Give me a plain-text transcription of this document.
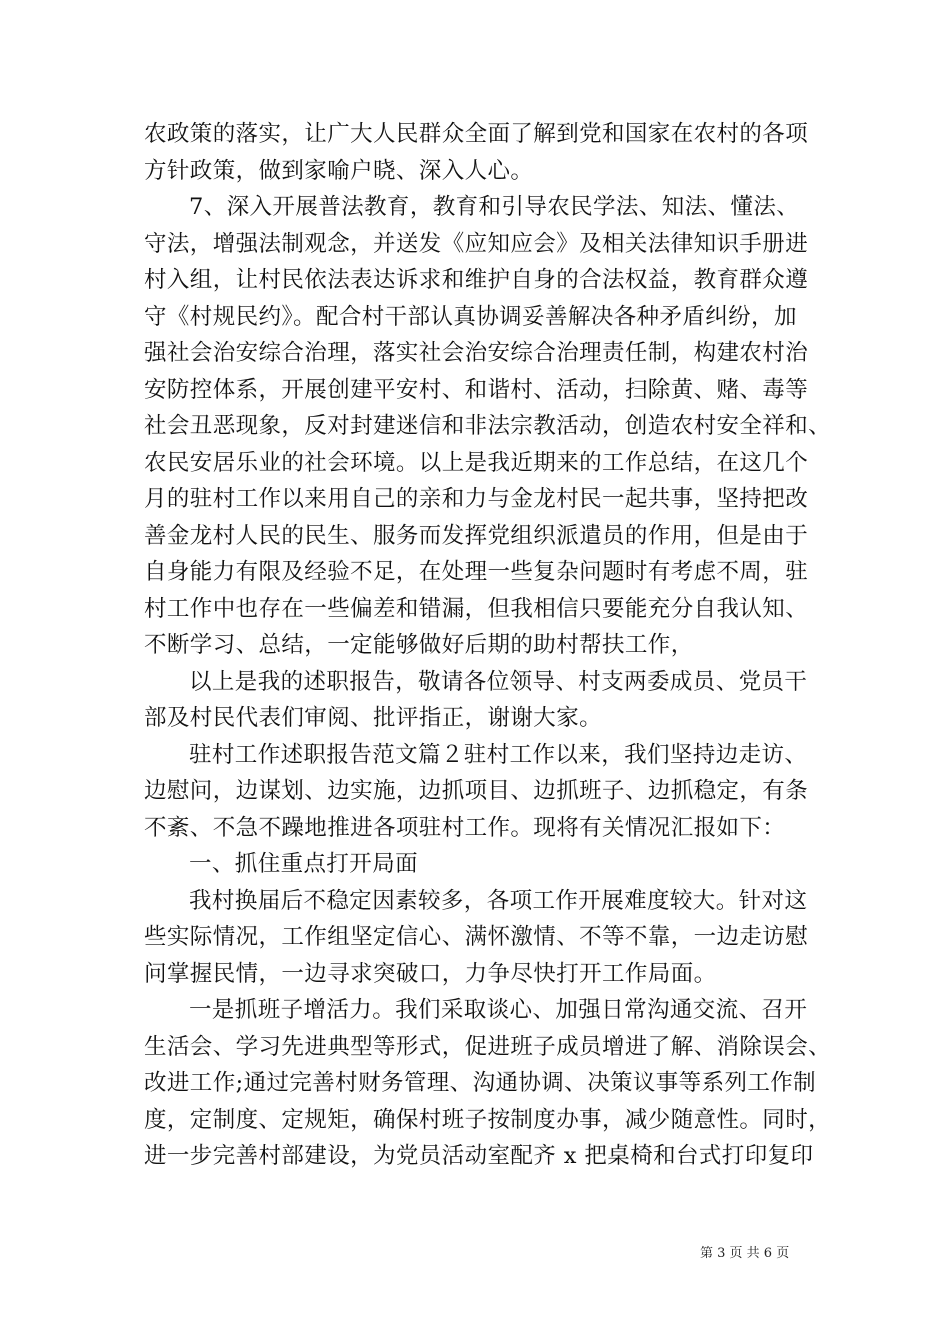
农政策的落实，让广大人民群众全面了解到党和国家在农村的各项
方针政策，做到家喻户晓、深入人心。
7、深入开展普法教育，教育和引导农民学法、知法、懂法、
守法，增强法制观念，并送发《应知应会》及相关法律知识手册进
村入组，让村民依法表达诉求和维护自身的合法权益，教育群众遵
守《村规民约》。配合村干部认真协调妥善解决各种矛盾纠纷，加
强社会治安综合治理，落实社会治安综合治理责任制，构建农村治
安防控体系，开展创建平安村、和谐村、活动，扫除黄、赌、毒等
社会丑恶现象，反对封建迷信和非法宗教活动，创造农村安全祥和、
农民安居乐业的社会环境。以上是我近期来的工作总结，在这几个
月的驻村工作以来用自己的亲和力与金龙村民一起共事，坚持把改
善金龙村人民的民生、服务而发挥党组织派遣员的作用，但是由于
自身能力有限及经验不足，在处理一些复杂问题时有考虑不周，驻
村工作中也存在一些偏差和错漏，但我相信只要能充分自我认知、
不断学习、总结，一定能够做好后期的助村帮扶工作，
以上是我的述职报告，敬请各位领导、村支两委成员、党员干
部及村民代表们审阅、批评指正，谢谢大家。
驻村工作述职报告范文篇２驻村工作以来，我们坚持边走访、
边慰问，边谋划、边实施，边抓项目、边抓班子、边抓稳定，有条
不紊、不急不躁地推进各项驻村工作。现将有关情况汇报如下：
一、抓住重点打开局面
我村换届后不稳定因素较多，各项工作开展难度较大。针对这
些实际情况，工作组坚定信心、满怀激情、不等不靠，一边走访慰
问掌握民情，一边寻求突破口，力争尽快打开工作局面。
一是抓班子增活力。我们采取谈心、加强日常沟通交流、召开
生活会、学习先进典型等形式，促进班子成员增进了解、消除误会、
改进工作;通过完善村财务管理、沟通协调、决策议事等系列工作制
度，定制度、定规矩，确保村班子按制度办事，减少随意性。同时，
进一步完善村部建设，为党员活动室配齐 x 把桌椅和台式打印复印
第 3 页 共 6 页
